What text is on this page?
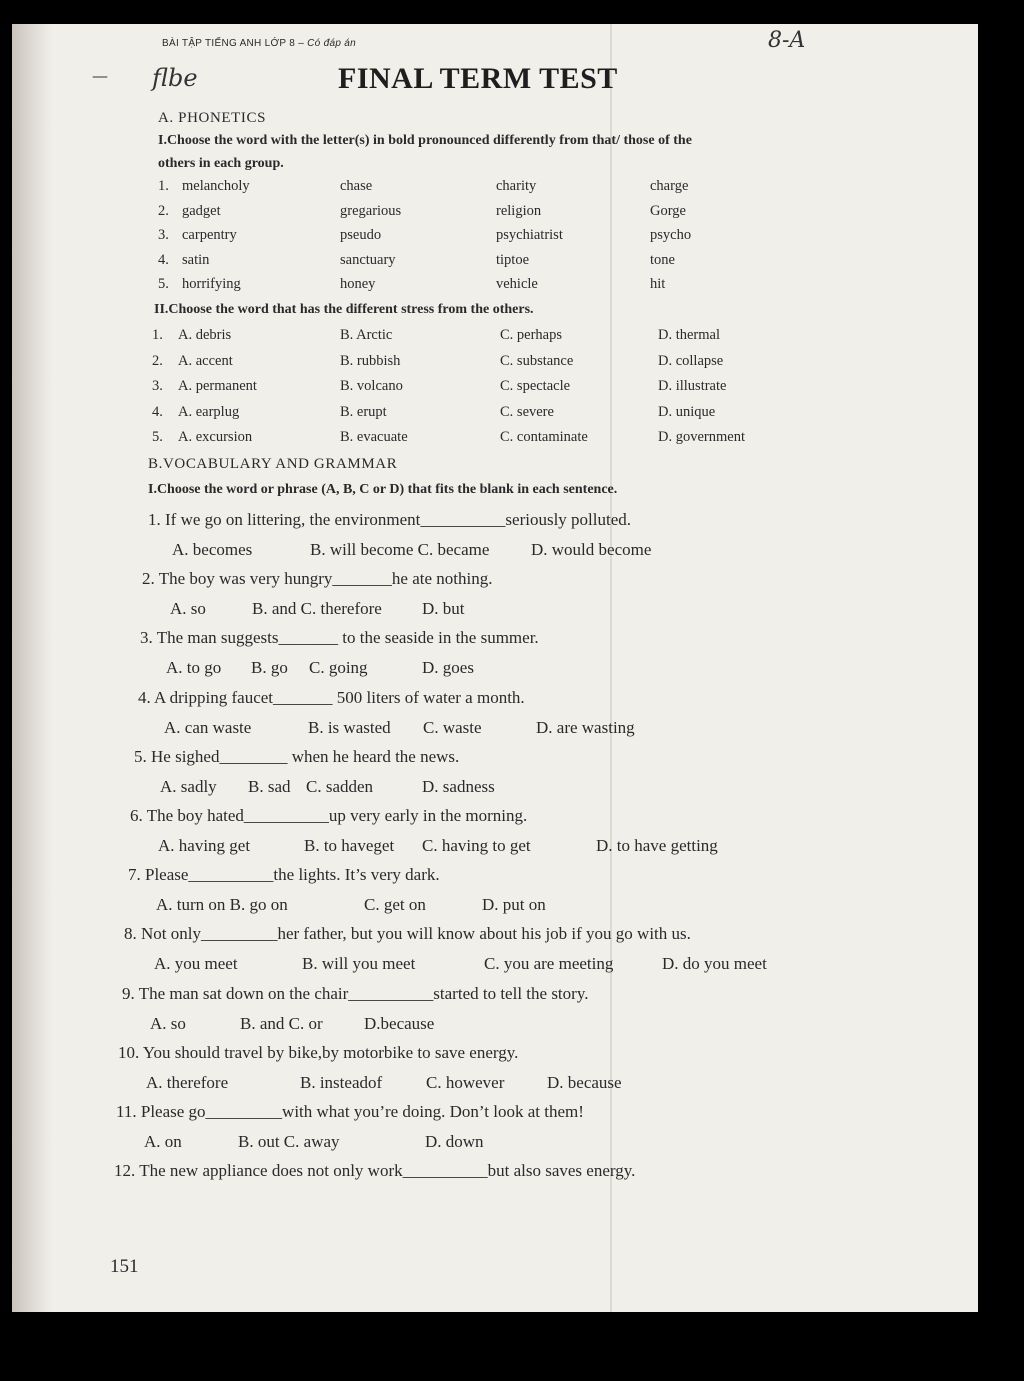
BÀI TẬP TIẾNG ANH LỚP 8 – Có đáp án
— flbe
8-A
FINAL TERM TEST
A. PHONETICS
I.Choose the word with the letter(s) in bold pronounced differently from that/ those of the
others in each group.
1. melancholy	chase	charity	charge
2. gadget	gregarious	religion	Gorge
3. carpentry	pseudo	psychiatrist	psycho
4. satin	sanctuary	tiptoe	tone
5. horrifying	honey	vehicle	hit
II.Choose the word that has the different stress from the others.
1. A. debris	B. Arctic	C. perhaps	D. thermal
2. A. accent	B. rubbish	C. substance	D. collapse
3. A. permanent	B. volcano	C. spectacle	D. illustrate
4. A. earplug	B. erupt	C. severe	D. unique
5. A. excursion	B. evacuate	C. contaminate	D. government
B.VOCABULARY AND GRAMMAR
I.Choose the word or phrase (A, B, C or D) that fits the blank in each sentence.
1. If we go on littering, the environment__________seriously polluted.
A. becomes	B. will become C. became D. would become
2. The boy was very hungry_______he ate nothing.
A. so	B. and C. therefore D. but
3. The man suggests_______ to the seaside in the summer.
A. to go B. go C. going	D. goes
4. A dripping faucet_______ 500 liters of water a month.
A. can waste	B. is wasted C. waste	D. are wasting
5. He sighed________ when he heard the news.
A. sadly B. sad C. sadden	D. sadness
6. The boy hated__________up very early in the morning.
A. having get	B. to haveget C. having to get	D. to have getting
7. Please__________the lights. It’s very dark.
A. turn on B. go on	C. get on	D. put on
8. Not only_________her father, but you will know about his job if you go with us.
A. you meet	B. will you meet	C. you are meeting	D. do you meet
9. The man sat down on the chair__________started to tell the story.
A. so	B. and C. or D.because
10. You should travel by bike,by motorbike to save energy.
A. therefore	B. insteadof	C. however	D. because
11. Please go_________with what you’re doing. Don’t look at them!
A. on	B. out C. away	D. down
12. The new appliance does not only work__________but also saves energy.
151
